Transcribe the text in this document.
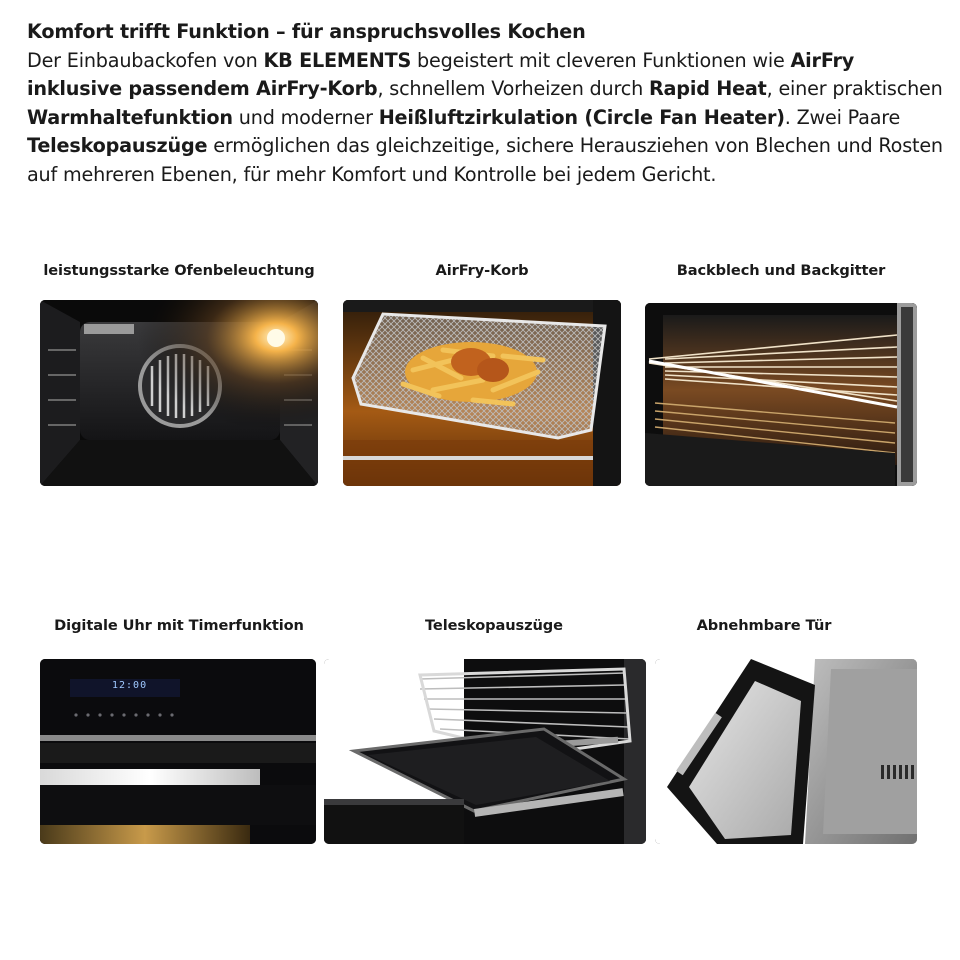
Komfort trifft Funktion – für anspruchsvolles Kochen

Der Einbaubackofen von KB ELEMENTS begeistert mit cleveren Funktionen wie AirFry inklusive passendem AirFry-Korb, schnellem Vorheizen durch Rapid Heat, einer praktischen Warmhaltefunktion und moderner Heißluftzirkulation (Circle Fan Heater). Zwei Paare Teleskopauszüge ermöglichen das gleichzeitige, sichere Herausziehen von Blechen und Rosten auf mehreren Ebenen, für mehr Komfort und Kontrolle bei jedem Gericht.

leistungsstarke Ofenbeleuchtung	AirFry-Korb	Backblech und Backgitter
Digitale Uhr mit Timerfunktion	Teleskopauszüge	Abnehmbare Tür
12:00
